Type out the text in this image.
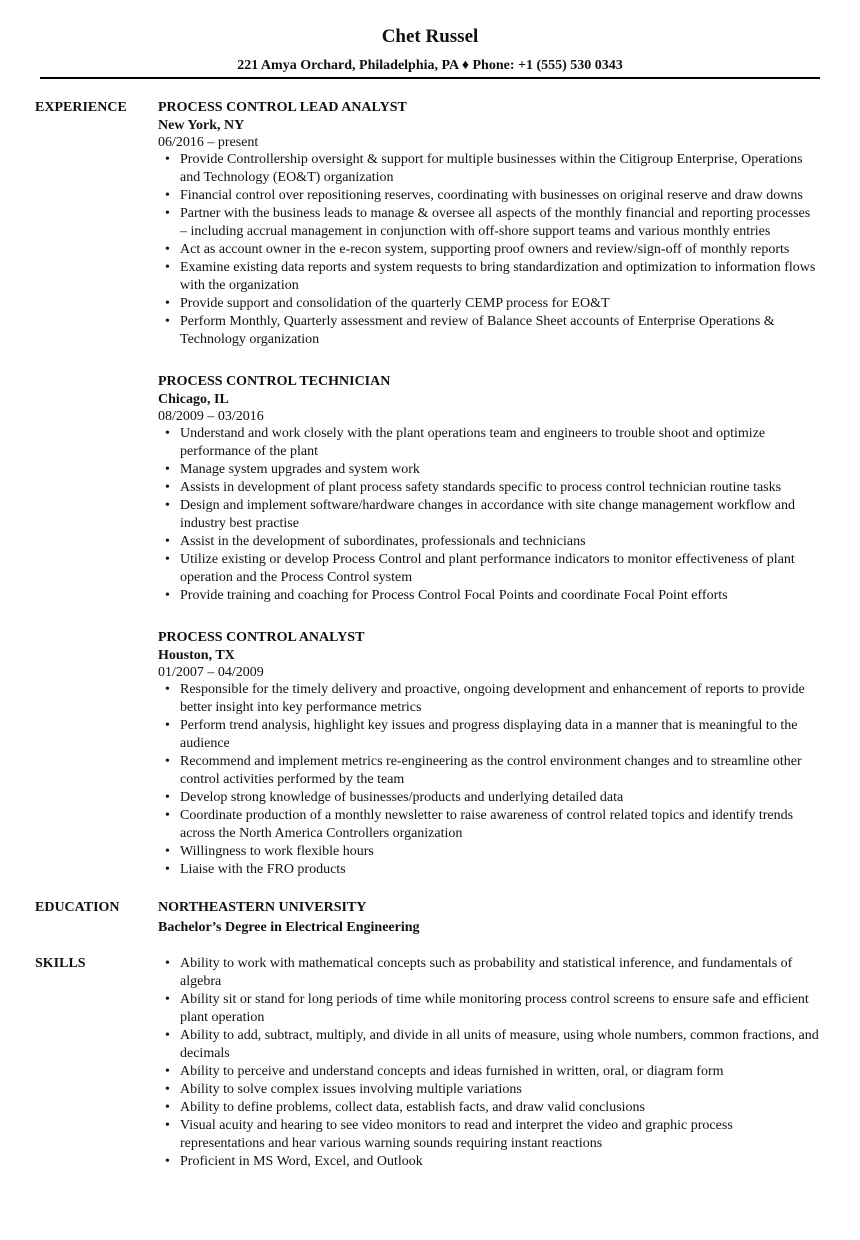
Chet Russel
221 Amya Orchard, Philadelphia, PA ♦ Phone: +1 (555) 530 0343
EXPERIENCE	PROCESS CONTROL LEAD ANALYST
New York, NY
06/2016 – present
• Provide Controllership oversight & support for multiple businesses within the Citigroup Enterprise, Operations and Technology (EO&T) organization
• Financial control over repositioning reserves, coordinating with businesses on original reserve and draw downs
• Partner with the business leads to manage & oversee all aspects of the monthly financial and reporting processes – including accrual management in conjunction with off-shore support teams and various monthly entries
• Act as account owner in the e-recon system, supporting proof owners and review/sign-off of monthly reports
• Examine existing data reports and system requests to bring standardization and optimization to information flows with the organization
• Provide support and consolidation of the quarterly CEMP process for EO&T
• Perform Monthly, Quarterly assessment and review of Balance Sheet accounts of Enterprise Operations & Technology organization
PROCESS CONTROL TECHNICIAN
Chicago, IL
08/2009 – 03/2016
• Understand and work closely with the plant operations team and engineers to trouble shoot and optimize performance of the plant
• Manage system upgrades and system work
• Assists in development of plant process safety standards specific to process control technician routine tasks
• Design and implement software/hardware changes in accordance with site change management workflow and industry best practise
• Assist in the development of subordinates, professionals and technicians
• Utilize existing or develop Process Control and plant performance indicators to monitor effectiveness of plant operation and the Process Control system
• Provide training and coaching for Process Control Focal Points and coordinate Focal Point efforts
PROCESS CONTROL ANALYST
Houston, TX
01/2007 – 04/2009
• Responsible for the timely delivery and proactive, ongoing development and enhancement of reports to provide better insight into key performance metrics
• Perform trend analysis, highlight key issues and progress displaying data in a manner that is meaningful to the audience
• Recommend and implement metrics re-engineering as the control environment changes and to streamline other control activities performed by the team
• Develop strong knowledge of businesses/products and underlying detailed data
• Coordinate production of a monthly newsletter to raise awareness of control related topics and identify trends across the North America Controllers organization
• Willingness to work flexible hours
• Liaise with the FRO products
EDUCATION	NORTHEASTERN UNIVERSITY
Bachelor’s Degree in Electrical Engineering
SKILLS	• Ability to work with mathematical concepts such as probability and statistical inference, and fundamentals of algebra
• Ability sit or stand for long periods of time while monitoring process control screens to ensure safe and efficient plant operation
• Ability to add, subtract, multiply, and divide in all units of measure, using whole numbers, common fractions, and decimals
• Ability to perceive and understand concepts and ideas furnished in written, oral, or diagram form
• Ability to solve complex issues involving multiple variations
• Ability to define problems, collect data, establish facts, and draw valid conclusions
• Visual acuity and hearing to see video monitors to read and interpret the video and graphic process representations and hear various warning sounds requiring instant reactions
• Proficient in MS Word, Excel, and Outlook
